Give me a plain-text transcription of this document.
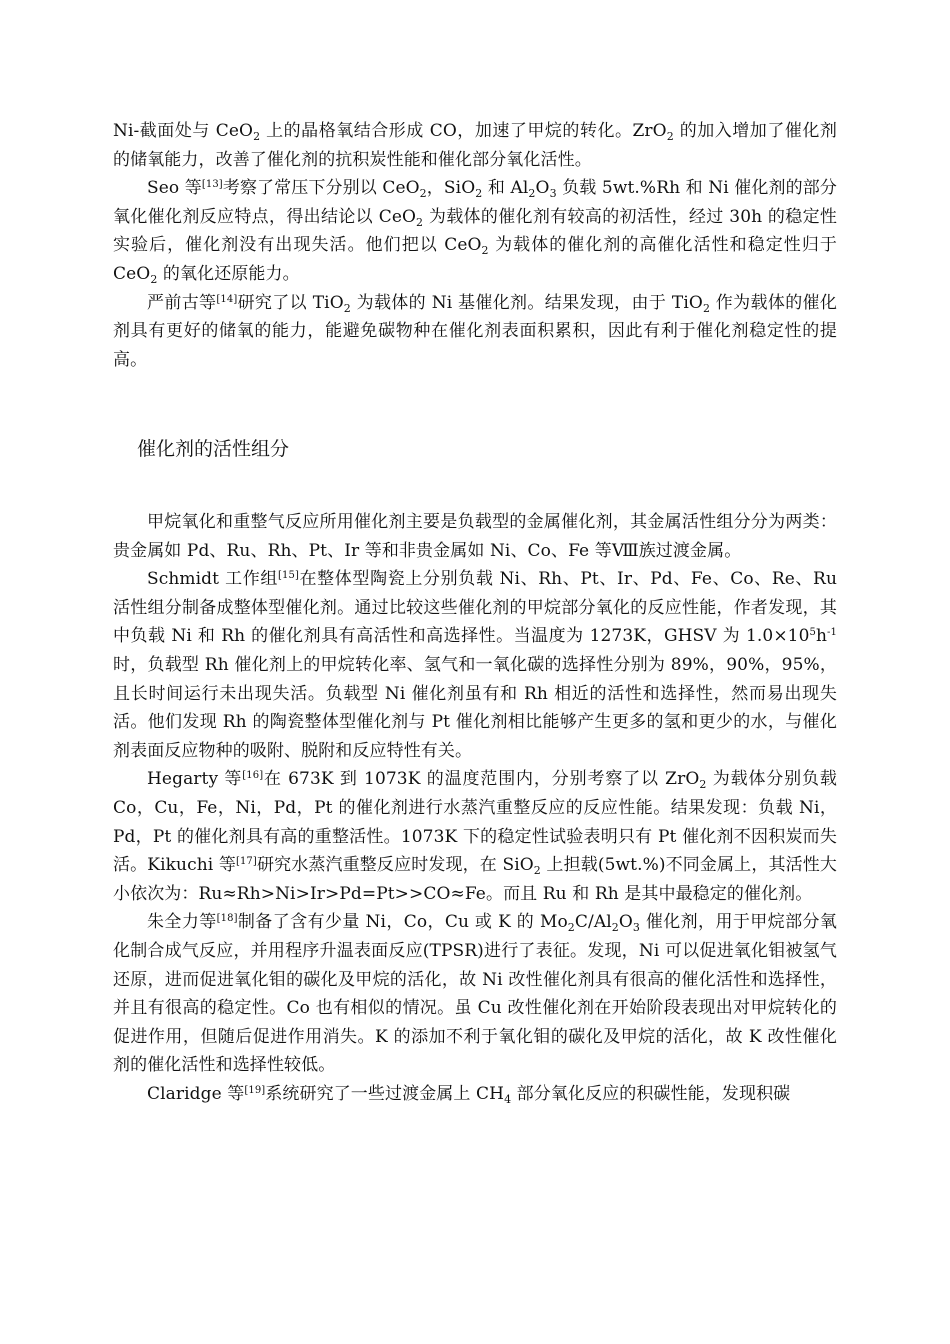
Ni-截面处与 CeO$_2$ 上的晶格氧结合形成 CO，加速了甲烷的转化。ZrO$_2$ 的加入增加了催化剂的储氧能力，改善了催化剂的抗积炭性能和催化部分氧化活性。

Seo 等[13]考察了常压下分别以 CeO$_2$，SiO$_2$ 和 $Al_2O_3$ 负载 5wt.%Rh 和 Ni 催化剂的部分氧化催化剂反应特点，得出结论以 CeO$_2$ 为载体的催化剂有较高的初活性，经过 30h 的稳定性实验后，催化剂没有出现失活。他们把以 CeO$_2$ 为载体的催化剂的高催化活性和稳定性归于 CeO$_2$ 的氧化还原能力。

严前古等[14]研究了以 TiO$_2$ 为载体的 Ni 基催化剂。结果发现，由于 TiO$_2$ 作为载体的催化剂具有更好的储氧的能力，能避免碳物种在催化剂表面积累积，因此有利于催化剂稳定性的提高。

催化剂的活性组分

甲烷氧化和重整气反应所用催化剂主要是负载型的金属催化剂，其金属活性组分分为两类：贵金属如 Pd、Ru、Rh、Pt、Ir 等和非贵金属如 Ni、Co、Fe 等Ⅷ族过渡金属。

Schmidt 工作组[15]在整体型陶瓷上分别负载 Ni、Rh、Pt、Ir、Pd、Fe、Co、Re、Ru 活性组分制备成整体型催化剂。通过比较这些催化剂的甲烷部分氧化的反应性能，作者发现，其中负载 Ni 和 Rh 的催化剂具有高活性和高选择性。当温度为 1273K，GHSV 为 $1.0\times 10^5h^{-1}$ 时，负载型 Rh 催化剂上的甲烷转化率、氢气和一氧化碳的选择性分别为 89%，90%，95%，且长时间运行未出现失活。负载型 Ni 催化剂虽有和 Rh 相近的活性和选择性，然而易出现失活。他们发现 Rh 的陶瓷整体型催化剂与 Pt 催化剂相比能够产生更多的氢和更少的水，与催化剂表面反应物种的吸附、脱附和反应特性有关。

Hegarty 等[16]在 673K 到 1073K 的温度范围内，分别考察了以 ZrO$_2$ 为载体分别负载 Co，Cu，Fe，Ni，Pd，Pt 的催化剂进行水蒸汽重整反应的反应性能。结果发现：负载 Ni，Pd，Pt 的催化剂具有高的重整活性。1073K 下的稳定性试验表明只有 Pt 催化剂不因积炭而失活。Kikuchi 等[17]研究水蒸汽重整反应时发现，在 SiO$_2$ 上担载(5wt.%)不同金属上，其活性大小依次为：Ru≈Rh>Ni>Ir>Pd=Pt>>CO≈Fe。而且 Ru 和 Rh 是其中最稳定的催化剂。

朱全力等[18]制备了含有少量 Ni，Co，Cu 或 K 的 $Mo_2C/Al_2O_3$ 催化剂，用于甲烷部分氧化制合成气反应，并用程序升温表面反应(TPSR)进行了表征。发现，Ni 可以促进氧化钼被氢气还原，进而促进氧化钼的碳化及甲烷的活化，故 Ni 改性催化剂具有很高的催化活性和选择性，并且有很高的稳定性。Co 也有相似的情况。虽 Cu 改性催化剂在开始阶段表现出对甲烷转化的促进作用，但随后促进作用消失。K 的添加不利于氧化钼的碳化及甲烷的活化，故 K 改性催化剂的催化活性和选择性较低。

Claridge 等[19]系统研究了一些过渡金属上 $CH_4$ 部分氧化反应的积碳性能，发现积碳
